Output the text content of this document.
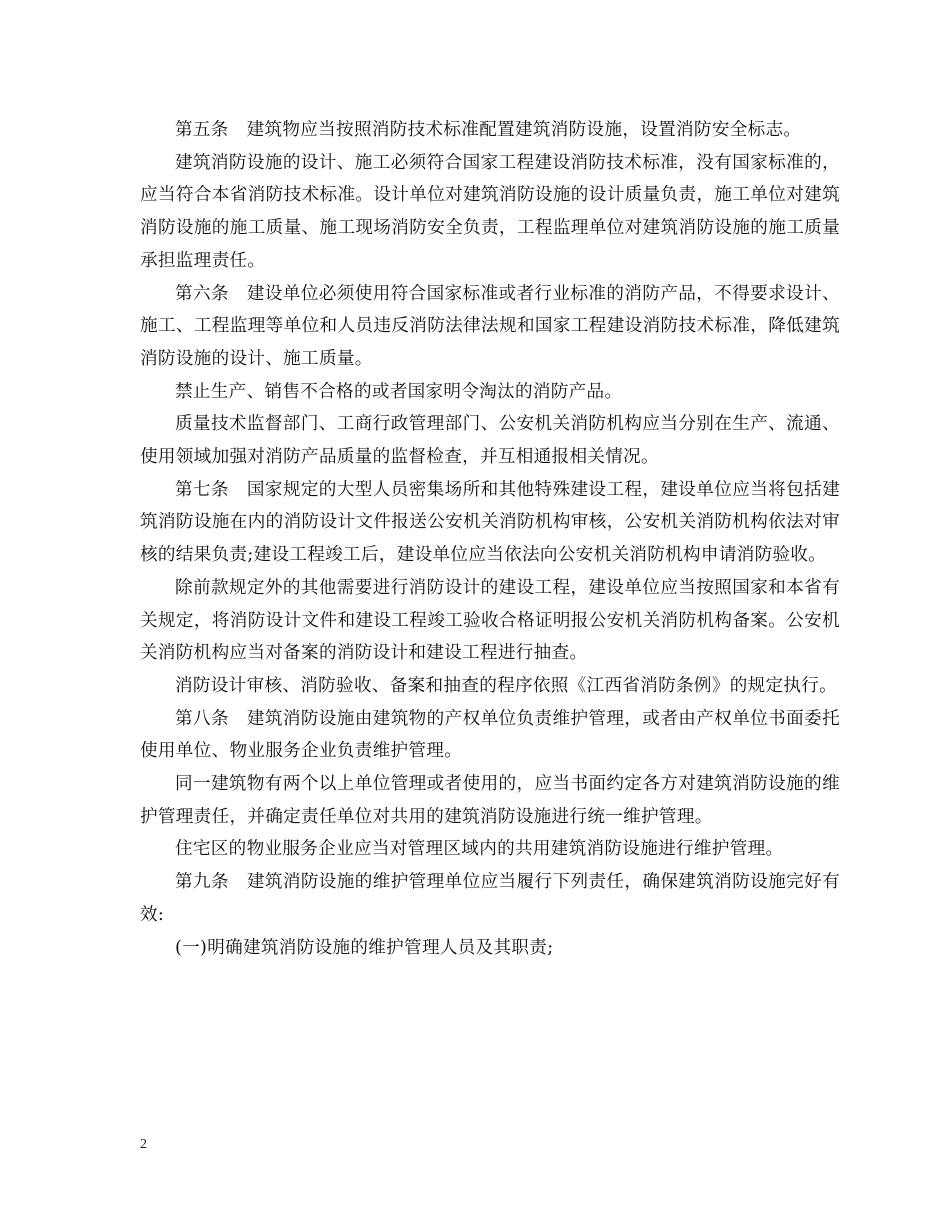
第五条　建筑物应当按照消防技术标准配置建筑消防设施，设置消防安全标志。

建筑消防设施的设计、施工必须符合国家工程建设消防技术标准，没有国家标准的，应当符合本省消防技术标准。设计单位对建筑消防设施的设计质量负责，施工单位对建筑消防设施的施工质量、施工现场消防安全负责，工程监理单位对建筑消防设施的施工质量承担监理责任。

第六条　建设单位必须使用符合国家标准或者行业标准的消防产品，不得要求设计、施工、工程监理等单位和人员违反消防法律法规和国家工程建设消防技术标准，降低建筑消防设施的设计、施工质量。

禁止生产、销售不合格的或者国家明令淘汰的消防产品。

质量技术监督部门、工商行政管理部门、公安机关消防机构应当分别在生产、流通、使用领域加强对消防产品质量的监督检查，并互相通报相关情况。

第七条　国家规定的大型人员密集场所和其他特殊建设工程，建设单位应当将包括建筑消防设施在内的消防设计文件报送公安机关消防机构审核，公安机关消防机构依法对审核的结果负责;建设工程竣工后，建设单位应当依法向公安机关消防机构申请消防验收。

除前款规定外的其他需要进行消防设计的建设工程，建设单位应当按照国家和本省有关规定，将消防设计文件和建设工程竣工验收合格证明报公安机关消防机构备案。公安机关消防机构应当对备案的消防设计和建设工程进行抽查。

消防设计审核、消防验收、备案和抽查的程序依照《江西省消防条例》的规定执行。

第八条　建筑消防设施由建筑物的产权单位负责维护管理，或者由产权单位书面委托使用单位、物业服务企业负责维护管理。

同一建筑物有两个以上单位管理或者使用的，应当书面约定各方对建筑消防设施的维护管理责任，并确定责任单位对共用的建筑消防设施进行统一维护管理。

住宅区的物业服务企业应当对管理区域内的共用建筑消防设施进行维护管理。

第九条　建筑消防设施的维护管理单位应当履行下列责任，确保建筑消防设施完好有效:

(一)明确建筑消防设施的维护管理人员及其职责;

2
